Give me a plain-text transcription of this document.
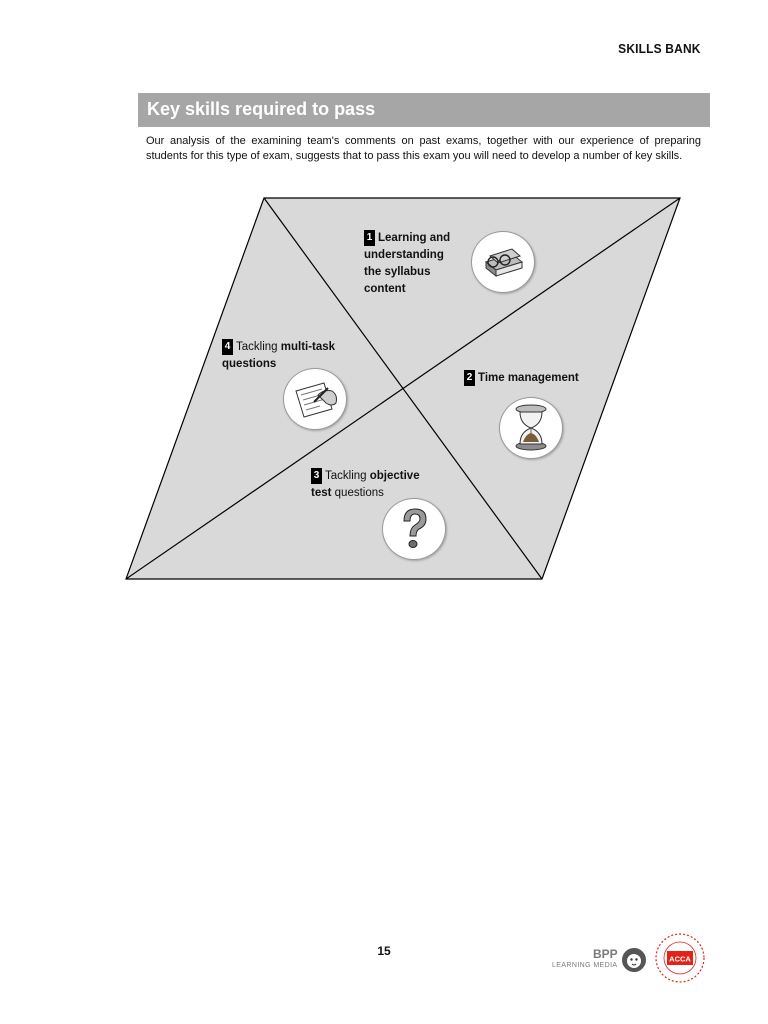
SKILLS BANK
Key skills required to pass
Our analysis of the examining team's comments on past exams, together with our experience of preparing students for this type of exam, suggests that to pass this exam you will need to develop a number of key skills.
1 Learning and
understanding
the syllabus
content
2 Time management
3 Tackling objective
test questions
4 Tackling multi-task
questions
15	BPP
LEARNING MEDIA
ACCA
